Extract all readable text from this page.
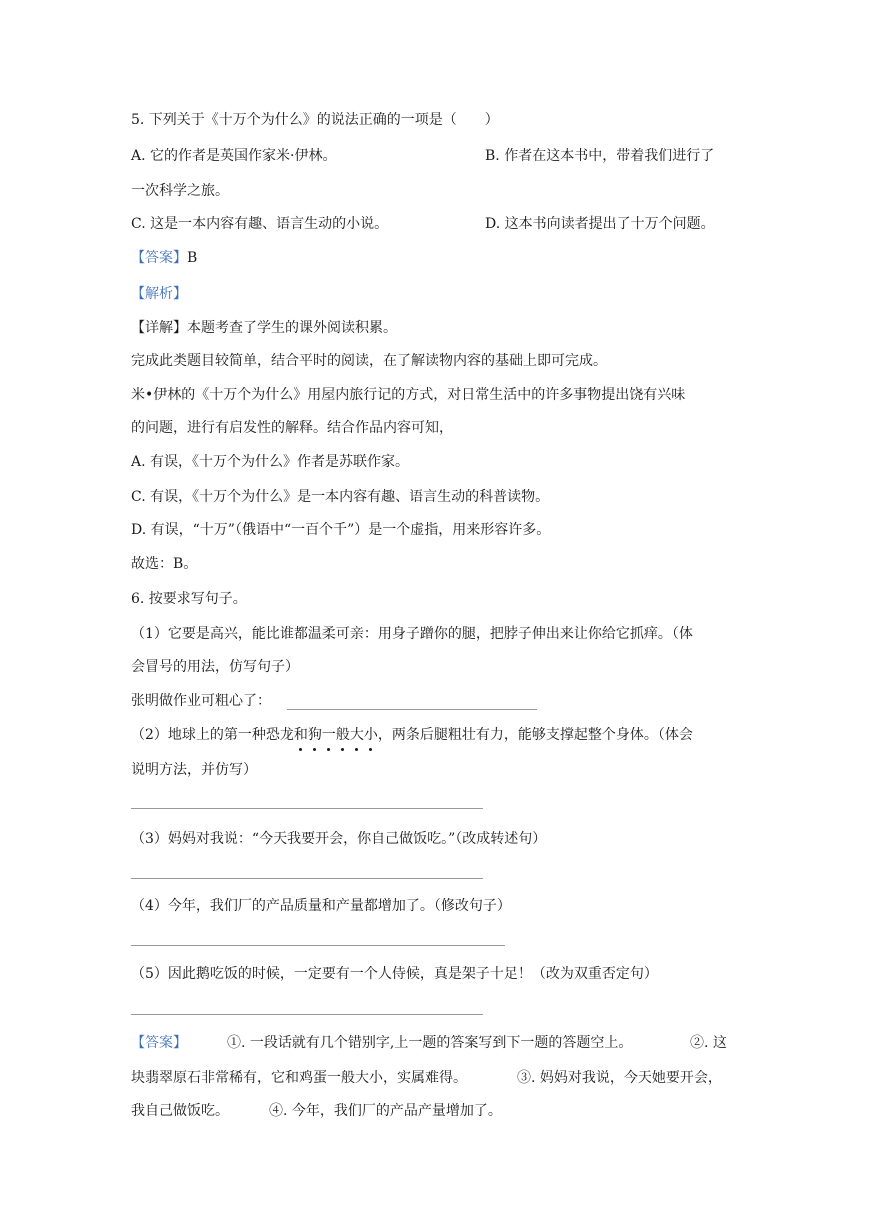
5. 下列关于《十万个为什么》的说法正确的一项是（　　）
A. 它的作者是英国作家米·伊林。	B. 作者在这本书中，带着我们进行了
一次科学之旅。
C. 这是一本内容有趣、语言生动的小说。	D. 这本书向读者提出了十万个问题。
【答案】B
【解析】
【详解】本题考查了学生的课外阅读积累。
完成此类题目较简单，结合平时的阅读，在了解读物内容的基础上即可完成。
米•伊林的《十万个为什么》用屋内旅行记的方式，对日常生活中的许多事物提出饶有兴味
的问题，进行有启发性的解释。结合作品内容可知，
A. 有误，《十万个为什么》作者是苏联作家。
C. 有误，《十万个为什么》是一本内容有趣、语言生动的科普读物。
D. 有误，“十万”（俄语中“一百个千”）是一个虚指，用来形容许多。
故选：B。
6. 按要求写句子。
（1）它要是高兴，能比谁都温柔可亲：用身子蹭你的腿，把脖子伸出来让你给它抓痒。（体
会冒号的用法，仿写句子）
张明做作业可粗心了：
（2）地球上的第一种恐龙和狗一般大小，两条后腿粗壮有力，能够支撑起整个身体。（体会
说明方法，并仿写）
（3）妈妈对我说：“今天我要开会，你自己做饭吃。”（改成转述句）
（4）今年，我们厂的产品质量和产量都增加了。（修改句子）
（5）因此鹅吃饭的时候，一定要有一个人侍候，真是架子十足！（改为双重否定句）
【答案】	①. 一段话就有几个错别字,上一题的答案写到下一题的答题空上。	②. 这
块翡翠原石非常稀有，它和鸡蛋一般大小，实属难得。	③. 妈妈对我说，今天她要开会，
我自己做饭吃。	④. 今年，我们厂的产品产量增加了。
